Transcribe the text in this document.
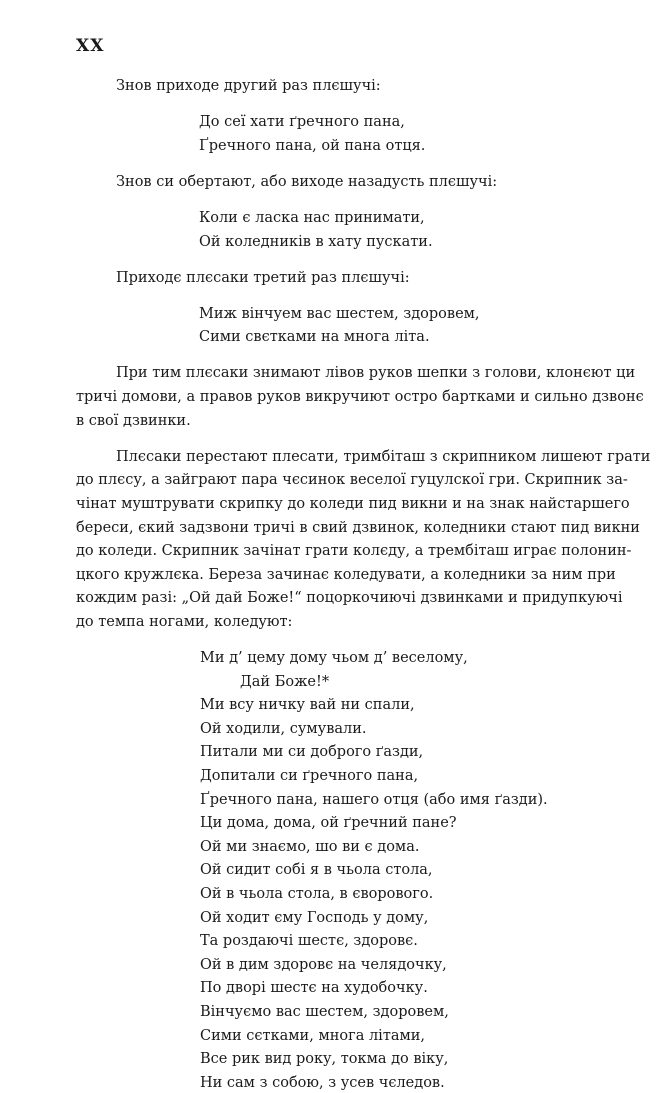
XX
Знов приходе другий раз плєшучі:
До сеї хати ґречного пана,
Ґречного пана, ой пана отця.
Знов си обертают, або виходе назадусть плєшучі:
Коли є ласка нас принимати,
Ой коледників в хату пускати.
Приходє плєсаки третий раз плєшучі:
Миж вінчуем вас шестем, здоровем,
Сими свєтками на многа літа.
При тим плєсаки знимают лівов руков шепки з голови, клонєют ци
тричі домови, а правов руков викручиют остро бартками и сильно дзвонє
в свої дзвинки.
Плєсаки перестают плесати, тримбіташ з скрипником лишеют грати
до плєсу, а зайграют пара чєсинок веселої гуцулскої гри. Скрипник за-
чінат муштрувати скрипку до коледи пид викни и на знак найстаршего
береси, єкий задзвони тричі в свий дзвинок, коледники стают пид викни
до коледи. Скрипник зачінат грати колєду, а трембіташ играє полонин-
цкого кружлєка. Береза зачинає коледувати, а коледники за ним при
кождим разі: „Ой дай Боже!“ поцоркочиючі дзвинками и придупкуючі
до темпа ногами, коледуют:
Ми д’ цему дому чьом д’ веселому,
Дай Боже!*
Ми всу ничку вай ни спали,
Ой ходили, сумували.
Питали ми си доброго ґазди,
Допитали си ґречного пана,
Ґречного пана, нашего отця (або имя ґазди).
Ци дома, дома, ой ґречний пане?
Ой ми знаємо, шо ви є дома.
Ой сидит собі я в чьола стола,
Ой в чьола стола, в єворового.
Ой ходит єму Господь у дому,
Та роздаючі шестє, здоровє.
Ой в дим здоровє на челядочку,
По дворі шестє на худобочку.
Вінчуємо вас шестем, здоровем,
Сими сєтками, многа літами,
Все рик вид року, токма до віку,
Ни сам з собою, з усев чєледов.
